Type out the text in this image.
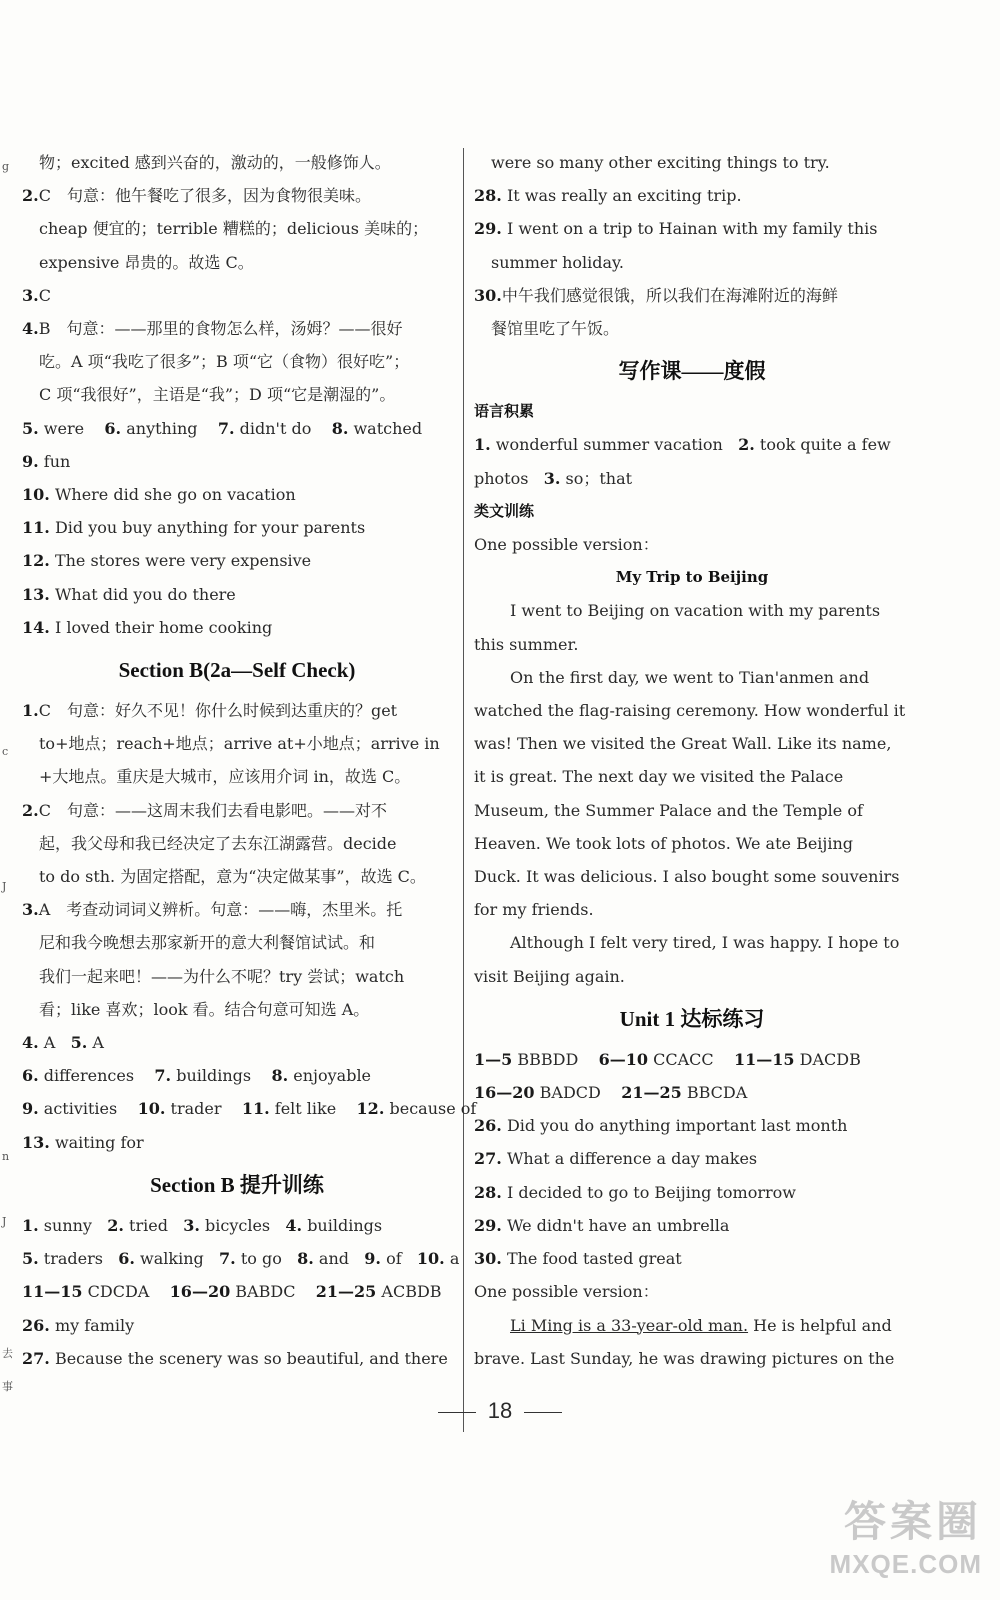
g
c
J
n
J
去
事
物；excited 感到兴奋的，激动的，一般修饰人。
2.C　句意：他午餐吃了很多，因为食物很美味。
cheap 便宜的；terrible 糟糕的；delicious 美味的；
expensive 昂贵的。故选 C。
3.C
4.B　句意：——那里的食物怎么样，汤姆？——很好
吃。A 项“我吃了很多”；B 项“它（食物）很好吃”；
C 项“我很好”，主语是“我”；D 项“它是潮湿的”。
5. were 6. anything 7. didn't do 8. watched
9. fun
10. Where did she go on vacation
11. Did you buy anything for your parents
12. The stores were very expensive
13. What did you do there
14. I loved their home cooking
Section B(2a—Self Check)
1.C　句意：好久不见！你什么时候到达重庆的？get
to+地点；reach+地点；arrive at+小地点；arrive in
+大地点。重庆是大城市，应该用介词 in，故选 C。
2.C　句意：——这周末我们去看电影吧。——对不
起，我父母和我已经决定了去东江湖露营。decide
to do sth. 为固定搭配，意为“决定做某事”，故选 C。
3.A　考查动词词义辨析。句意：——嗨，杰里米。托
尼和我今晚想去那家新开的意大利餐馆试试。和
我们一起来吧！——为什么不呢？try 尝试；watch
看；like 喜欢；look 看。结合句意可知选 A。
4. A 5. A
6. differences 7. buildings 8. enjoyable
9. activities 10. trader 11. felt like 12. because of
13. waiting for
Section B 提升训练
1. sunny 2. tried 3. bicycles 4. buildings
5. traders 6. walking 7. to go 8. and 9. of 10. a
11—15 CDCDA 16—20 BABDC 21—25 ACBDB
26. my family
27. Because the scenery was so beautiful, and there
were so many other exciting things to try.
28. It was really an exciting trip.
29. I went on a trip to Hainan with my family this
summer holiday.
30.中午我们感觉很饿，所以我们在海滩附近的海鲜
餐馆里吃了午饭。
写作课——度假
语言积累
1. wonderful summer vacation 2. took quite a few
photos 3. so；that
类文训练
One possible version：
My Trip to Beijing
I went to Beijing on vacation with my parents
this summer.
On the first day, we went to Tian'anmen and
watched the flag-raising ceremony. How wonderful it
was! Then we visited the Great Wall. Like its name,
it is great. The next day we visited the Palace
Museum, the Summer Palace and the Temple of
Heaven. We took lots of photos. We ate Beijing
Duck. It was delicious. I also bought some souvenirs
for my friends.
Although I felt very tired, I was happy. I hope to
visit Beijing again.
Unit 1 达标练习
1—5 BBBDD 6—10 CCACC 11—15 DACDB
16—20 BADCD 21—25 BBCDA
26. Did you do anything important last month
27. What a difference a day makes
28. I decided to go to Beijing tomorrow
29. We didn't have an umbrella
30. The food tasted great
One possible version：
Li Ming is a 33-year-old man. He is helpful and
brave. Last Sunday, he was drawing pictures on the
18
答案圈
MXQE.COM
